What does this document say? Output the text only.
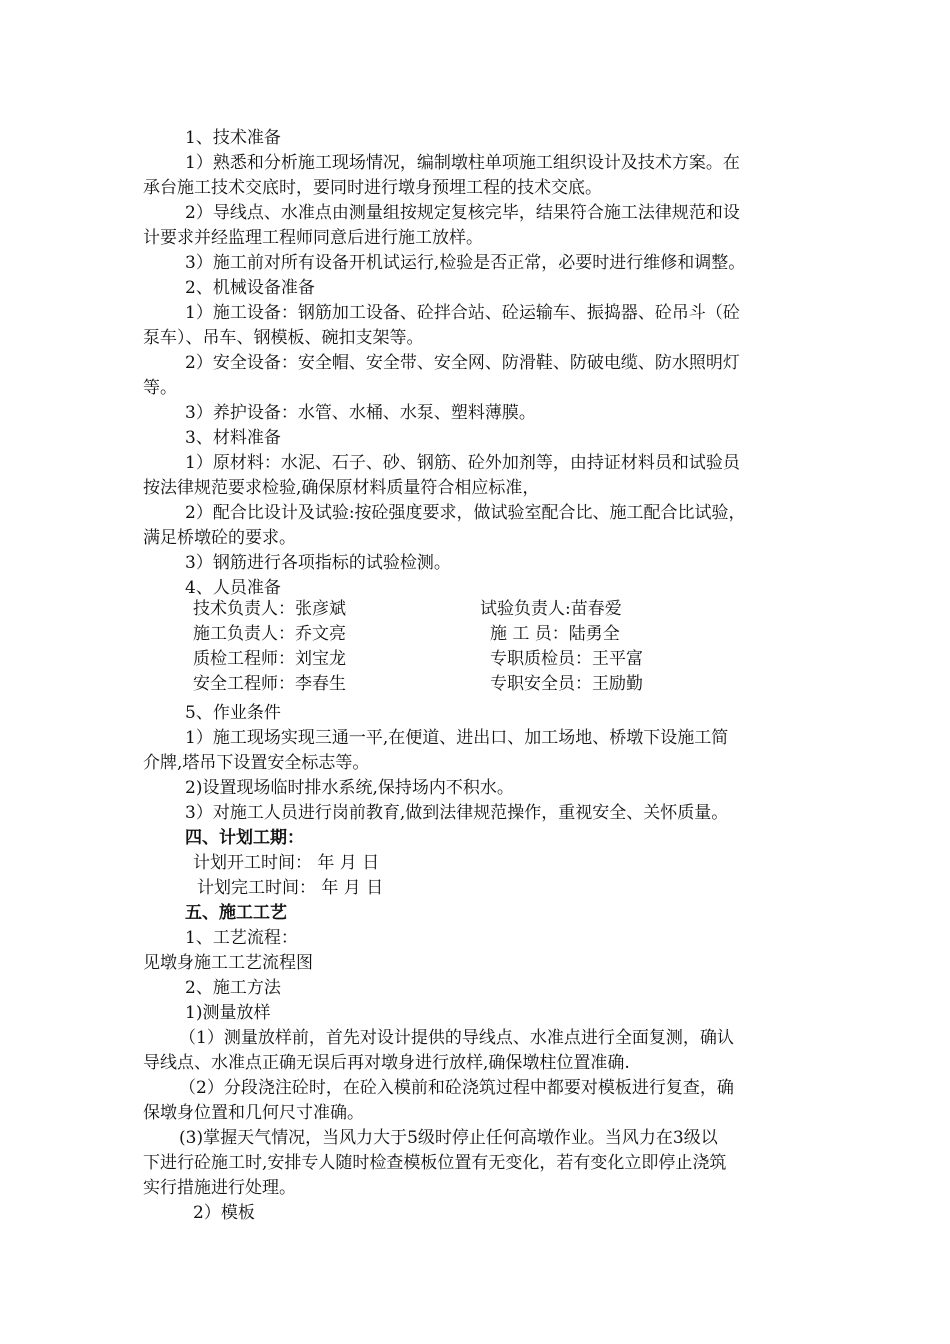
1、技术准备
1）熟悉和分析施工现场情况，编制墩柱单项施工组织设计及技术方案。在
承台施工技术交底时，要同时进行墩身预埋工程的技术交底。
2）导线点、水准点由测量组按规定复核完毕，结果符合施工法律规范和设
计要求并经监理工程师同意后进行施工放样。
3）施工前对所有设备开机试运行,检验是否正常，必要时进行维修和调整。
2、机械设备准备
1）施工设备：钢筋加工设备、砼拌合站、砼运输车、振捣器、砼吊斗（砼
泵车）、吊车、钢模板、碗扣支架等。
2）安全设备：安全帽、安全带、安全网、防滑鞋、防破电缆、防水照明灯
等。
3）养护设备：水管、水桶、水泵、塑料薄膜。
3、材料准备
1）原材料：水泥、石子、砂、钢筋、砼外加剂等，由持证材料员和试验员
按法律规范要求检验,确保原材料质量符合相应标准，
2）配合比设计及试验:按砼强度要求，做试验室配合比、施工配合比试验，
满足桥墩砼的要求。
3）钢筋进行各项指标的试验检测。
4、人员准备
技术负责人：张彦斌	试验负责人:苗春爱
施工负责人：乔文亮	施 工 员：陆勇全
质检工程师：刘宝龙	专职质检员：王平富
安全工程师：李春生	专职安全员：王励勤
5、作业条件
1）施工现场实现三通一平,在便道、进出口、加工场地、桥墩下设施工简
介牌,塔吊下设置安全标志等。
2)设置现场临时排水系统,保持场内不积水。
3）对施工人员进行岗前教育,做到法律规范操作，重视安全、关怀质量。
四、计划工期：
计划开工时间： 年 月 日
计划完工时间： 年 月 日
五、施工工艺
1、工艺流程：
见墩身施工工艺流程图
2、施工方法
1)测量放样
（1）测量放样前，首先对设计提供的导线点、水准点进行全面复测，确认
导线点、水准点正确无误后再对墩身进行放样,确保墩柱位置准确.
（2）分段浇注砼时，在砼入模前和砼浇筑过程中都要对模板进行复查，确
保墩身位置和几何尺寸准确。
(3)掌握天气情况，当风力大于5级时停止任何高墩作业。当风力在3级以
下进行砼施工时,安排专人随时检查模板位置有无变化，若有变化立即停止浇筑
实行措施进行处理。
2）模板
